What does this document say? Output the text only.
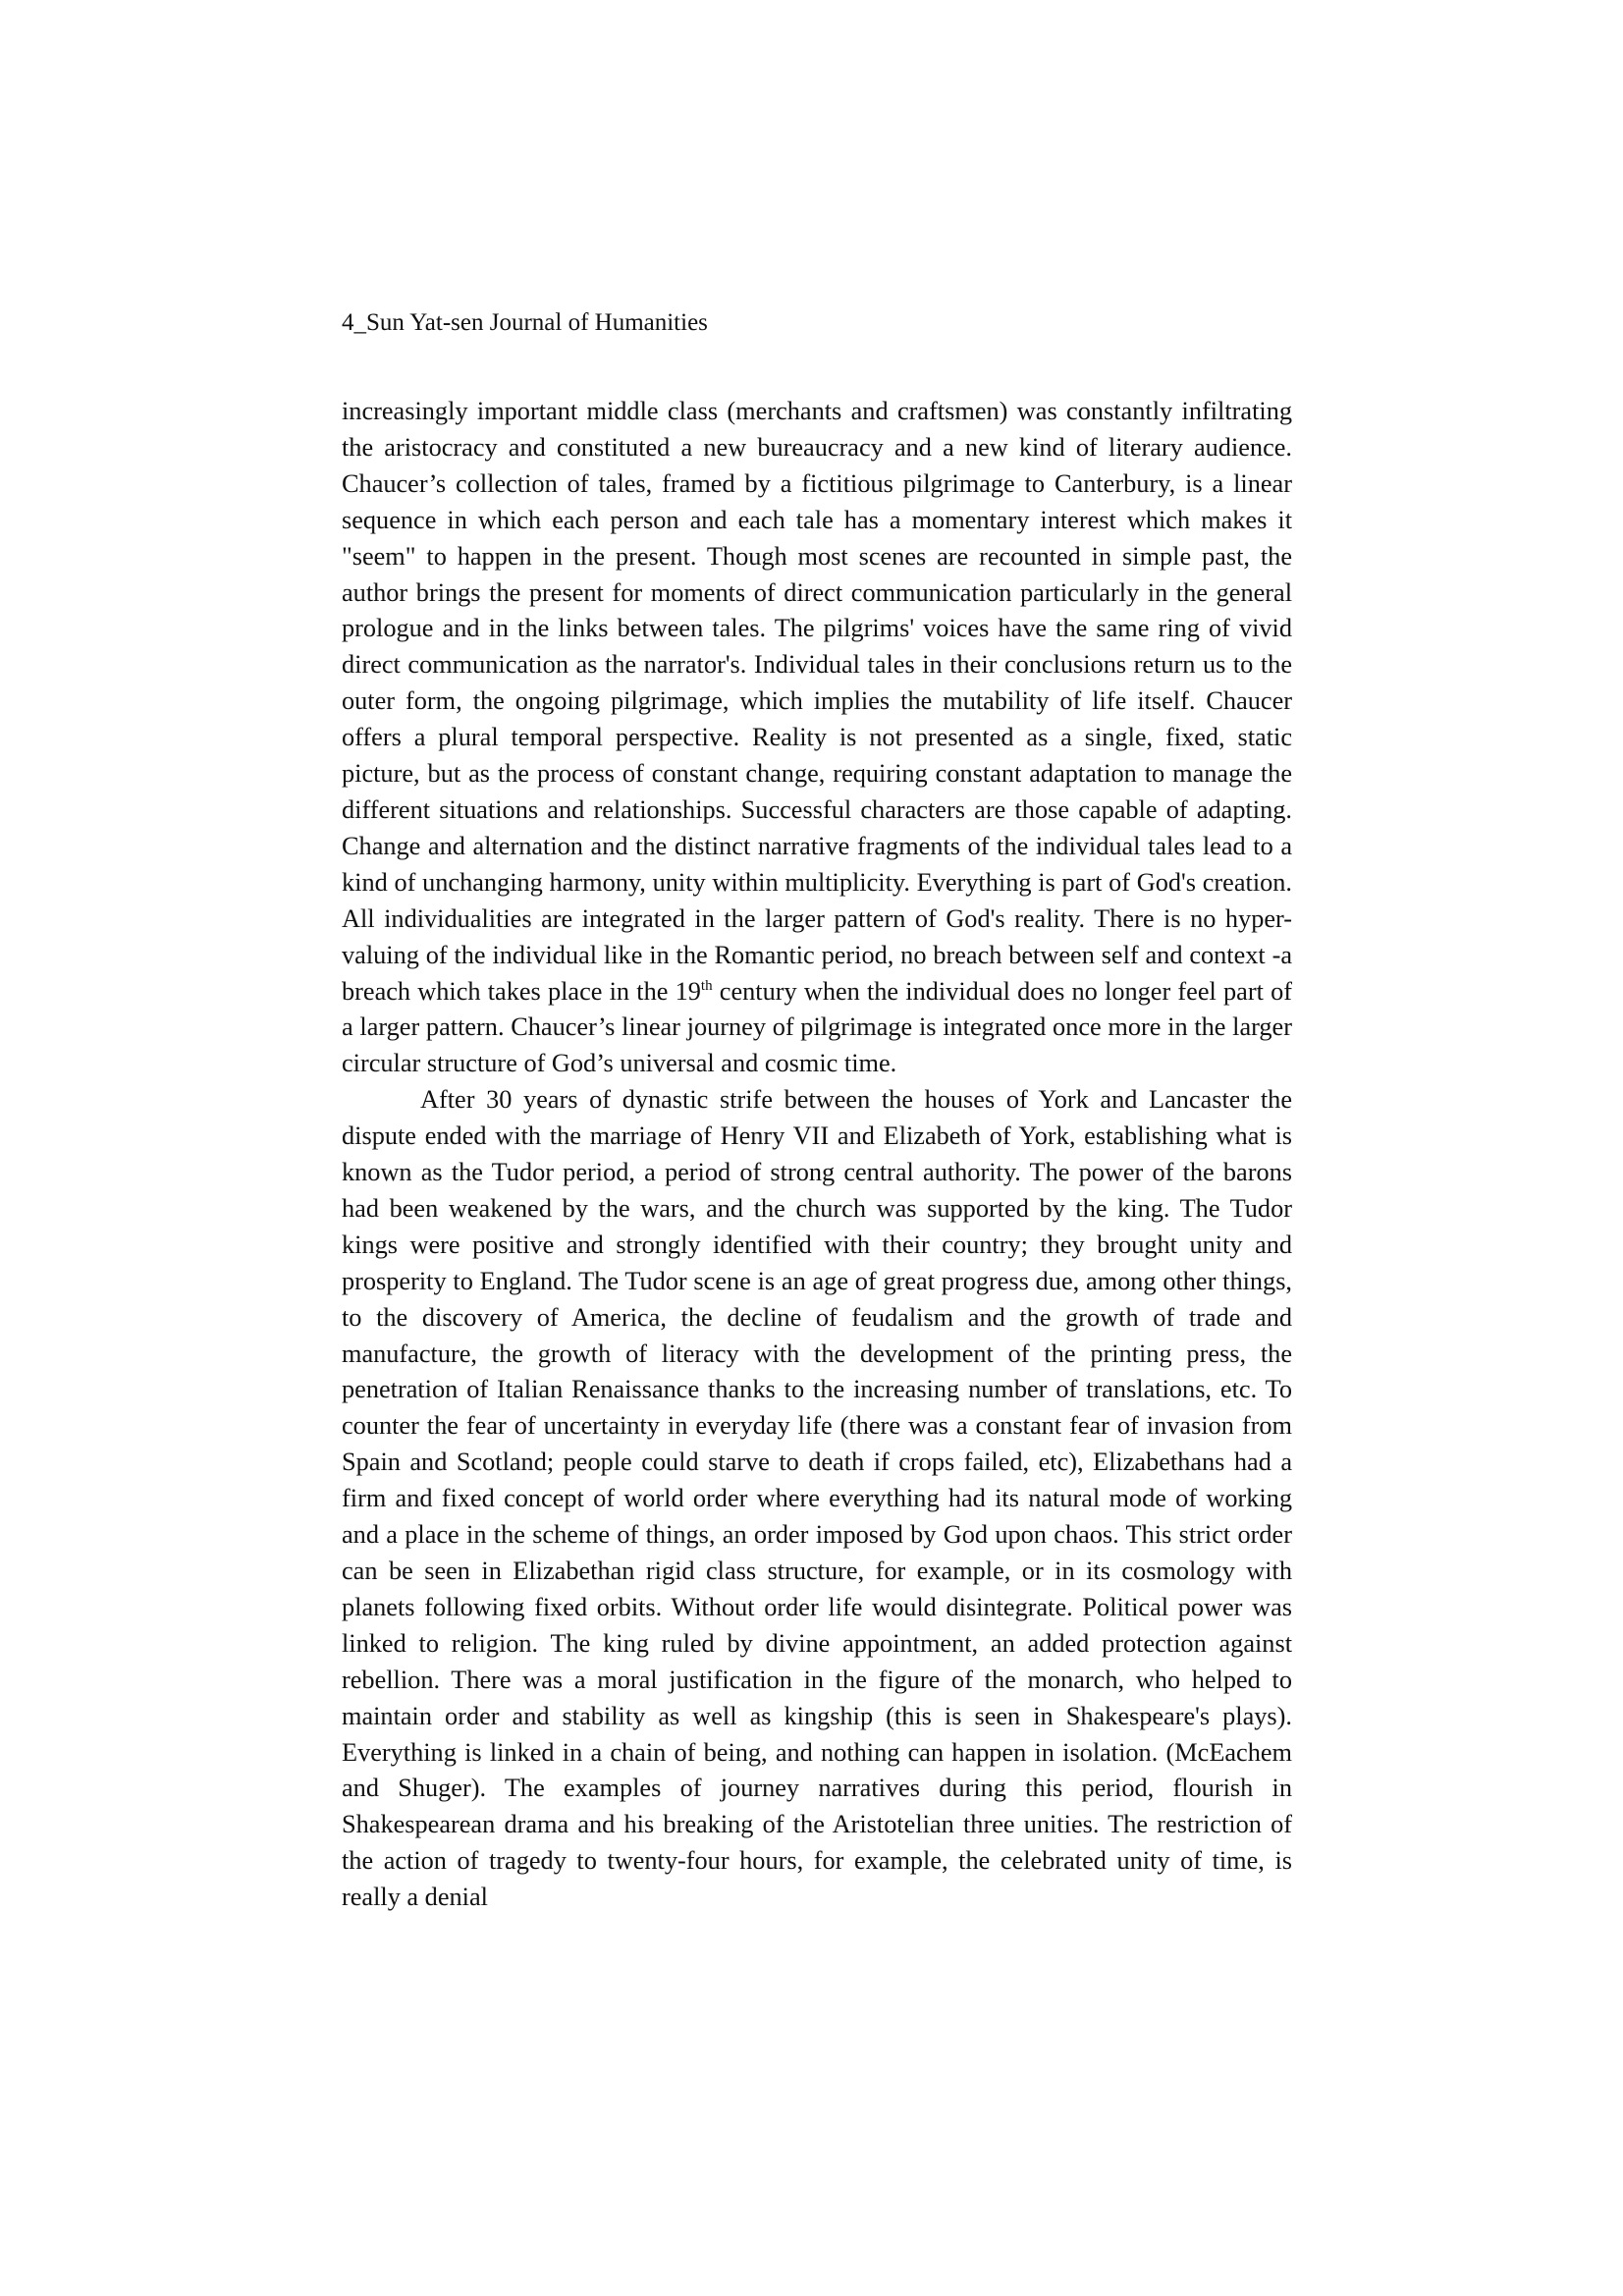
4_Sun Yat-sen Journal of Humanities

increasingly important middle class (merchants and craftsmen) was constantly infiltrating the aristocracy and constituted a new bureaucracy and a new kind of literary audience. Chaucer’s collection of tales, framed by a fictitious pilgrimage to Canterbury, is a linear sequence in which each person and each tale has a momentary interest which makes it "seem" to happen in the present. Though most scenes are recounted in simple past, the author brings the present for moments of direct communication particularly in the general prologue and in the links between tales. The pilgrims' voices have the same ring of vivid direct communication as the narrator's. Individual tales in their conclusions return us to the outer form, the ongoing pilgrimage, which implies the mutability of life itself. Chaucer offers a plural temporal perspective. Reality is not presented as a single, fixed, static picture, but as the process of constant change, requiring constant adaptation to manage the different situations and relationships. Successful characters are those capable of adapting. Change and alternation and the distinct narrative fragments of the individual tales lead to a kind of unchanging harmony, unity within multiplicity. Everything is part of God's creation. All individualities are integrated in the larger pattern of God's reality. There is no hyper-valuing of the individual like in the Romantic period, no breach between self and context -a breach which takes place in the 19th century when the individual does no longer feel part of a larger pattern. Chaucer’s linear journey of pilgrimage is integrated once more in the larger circular structure of God’s universal and cosmic time.

After 30 years of dynastic strife between the houses of York and Lancaster the dispute ended with the marriage of Henry VII and Elizabeth of York, establishing what is known as the Tudor period, a period of strong central authority. The power of the barons had been weakened by the wars, and the church was supported by the king. The Tudor kings were positive and strongly identified with their country; they brought unity and prosperity to England. The Tudor scene is an age of great progress due, among other things, to the discovery of America, the decline of feudalism and the growth of trade and manufacture, the growth of literacy with the development of the printing press, the penetration of Italian Renaissance thanks to the increasing number of translations, etc. To counter the fear of uncertainty in everyday life (there was a constant fear of invasion from Spain and Scotland; people could starve to death if crops failed, etc), Elizabethans had a firm and fixed concept of world order where everything had its natural mode of working and a place in the scheme of things, an order imposed by God upon chaos. This strict order can be seen in Elizabethan rigid class structure, for example, or in its cosmology with planets following fixed orbits. Without order life would disintegrate. Political power was linked to religion. The king ruled by divine appointment, an added protection against rebellion. There was a moral justification in the figure of the monarch, who helped to maintain order and stability as well as kingship (this is seen in Shakespeare's plays). Everything is linked in a chain of being, and nothing can happen in isolation. (McEachem and Shuger). The examples of journey narratives during this period, flourish in Shakespearean drama and his breaking of the Aristotelian three unities. The restriction of the action of tragedy to twenty-four hours, for example, the celebrated unity of time, is really a denial
